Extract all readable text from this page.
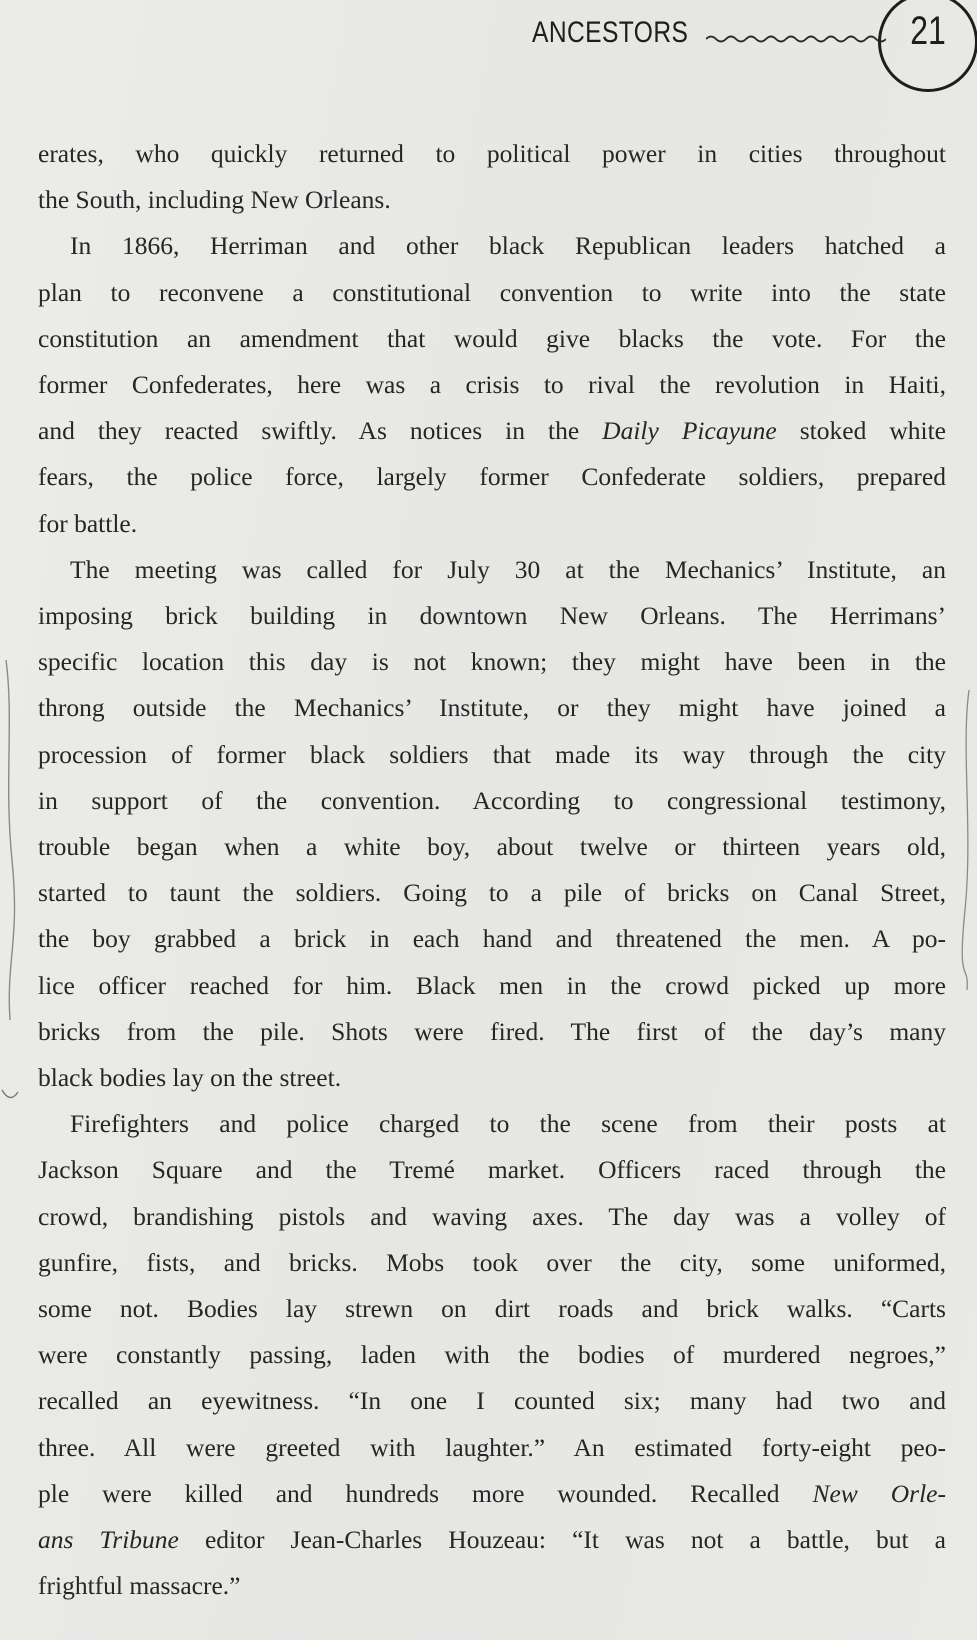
ANCESTORS	21

erates, who quickly returned to political power in cities throughout
the South, including New Orleans.

In 1866, Herriman and other black Republican leaders hatched a
plan to reconvene a constitutional convention to write into the state
constitution an amendment that would give blacks the vote. For the
former Confederates, here was a crisis to rival the revolution in Haiti,
and they reacted swiftly. As notices in the Daily Picayune stoked white
fears, the police force, largely former Confederate soldiers, prepared
for battle.

The meeting was called for July 30 at the Mechanics’ Institute, an
imposing brick building in downtown New Orleans. The Herrimans’
specific location this day is not known; they might have been in the
throng outside the Mechanics’ Institute, or they might have joined a
procession of former black soldiers that made its way through the city
in support of the convention. According to congressional testimony,
trouble began when a white boy, about twelve or thirteen years old,
started to taunt the soldiers. Going to a pile of bricks on Canal Street,
the boy grabbed a brick in each hand and threatened the men. A po-
lice officer reached for him. Black men in the crowd picked up more
bricks from the pile. Shots were fired. The first of the day’s many
black bodies lay on the street.

Firefighters and police charged to the scene from their posts at
Jackson Square and the Tremé market. Officers raced through the
crowd, brandishing pistols and waving axes. The day was a volley of
gunfire, fists, and bricks. Mobs took over the city, some uniformed,
some not. Bodies lay strewn on dirt roads and brick walks. “Carts
were constantly passing, laden with the bodies of murdered negroes,”
recalled an eyewitness. “In one I counted six; many had two and
three. All were greeted with laughter.” An estimated forty-eight peo-
ple were killed and hundreds more wounded. Recalled New Orle-
ans Tribune editor Jean-Charles Houzeau: “It was not a battle, but a
frightful massacre.”
